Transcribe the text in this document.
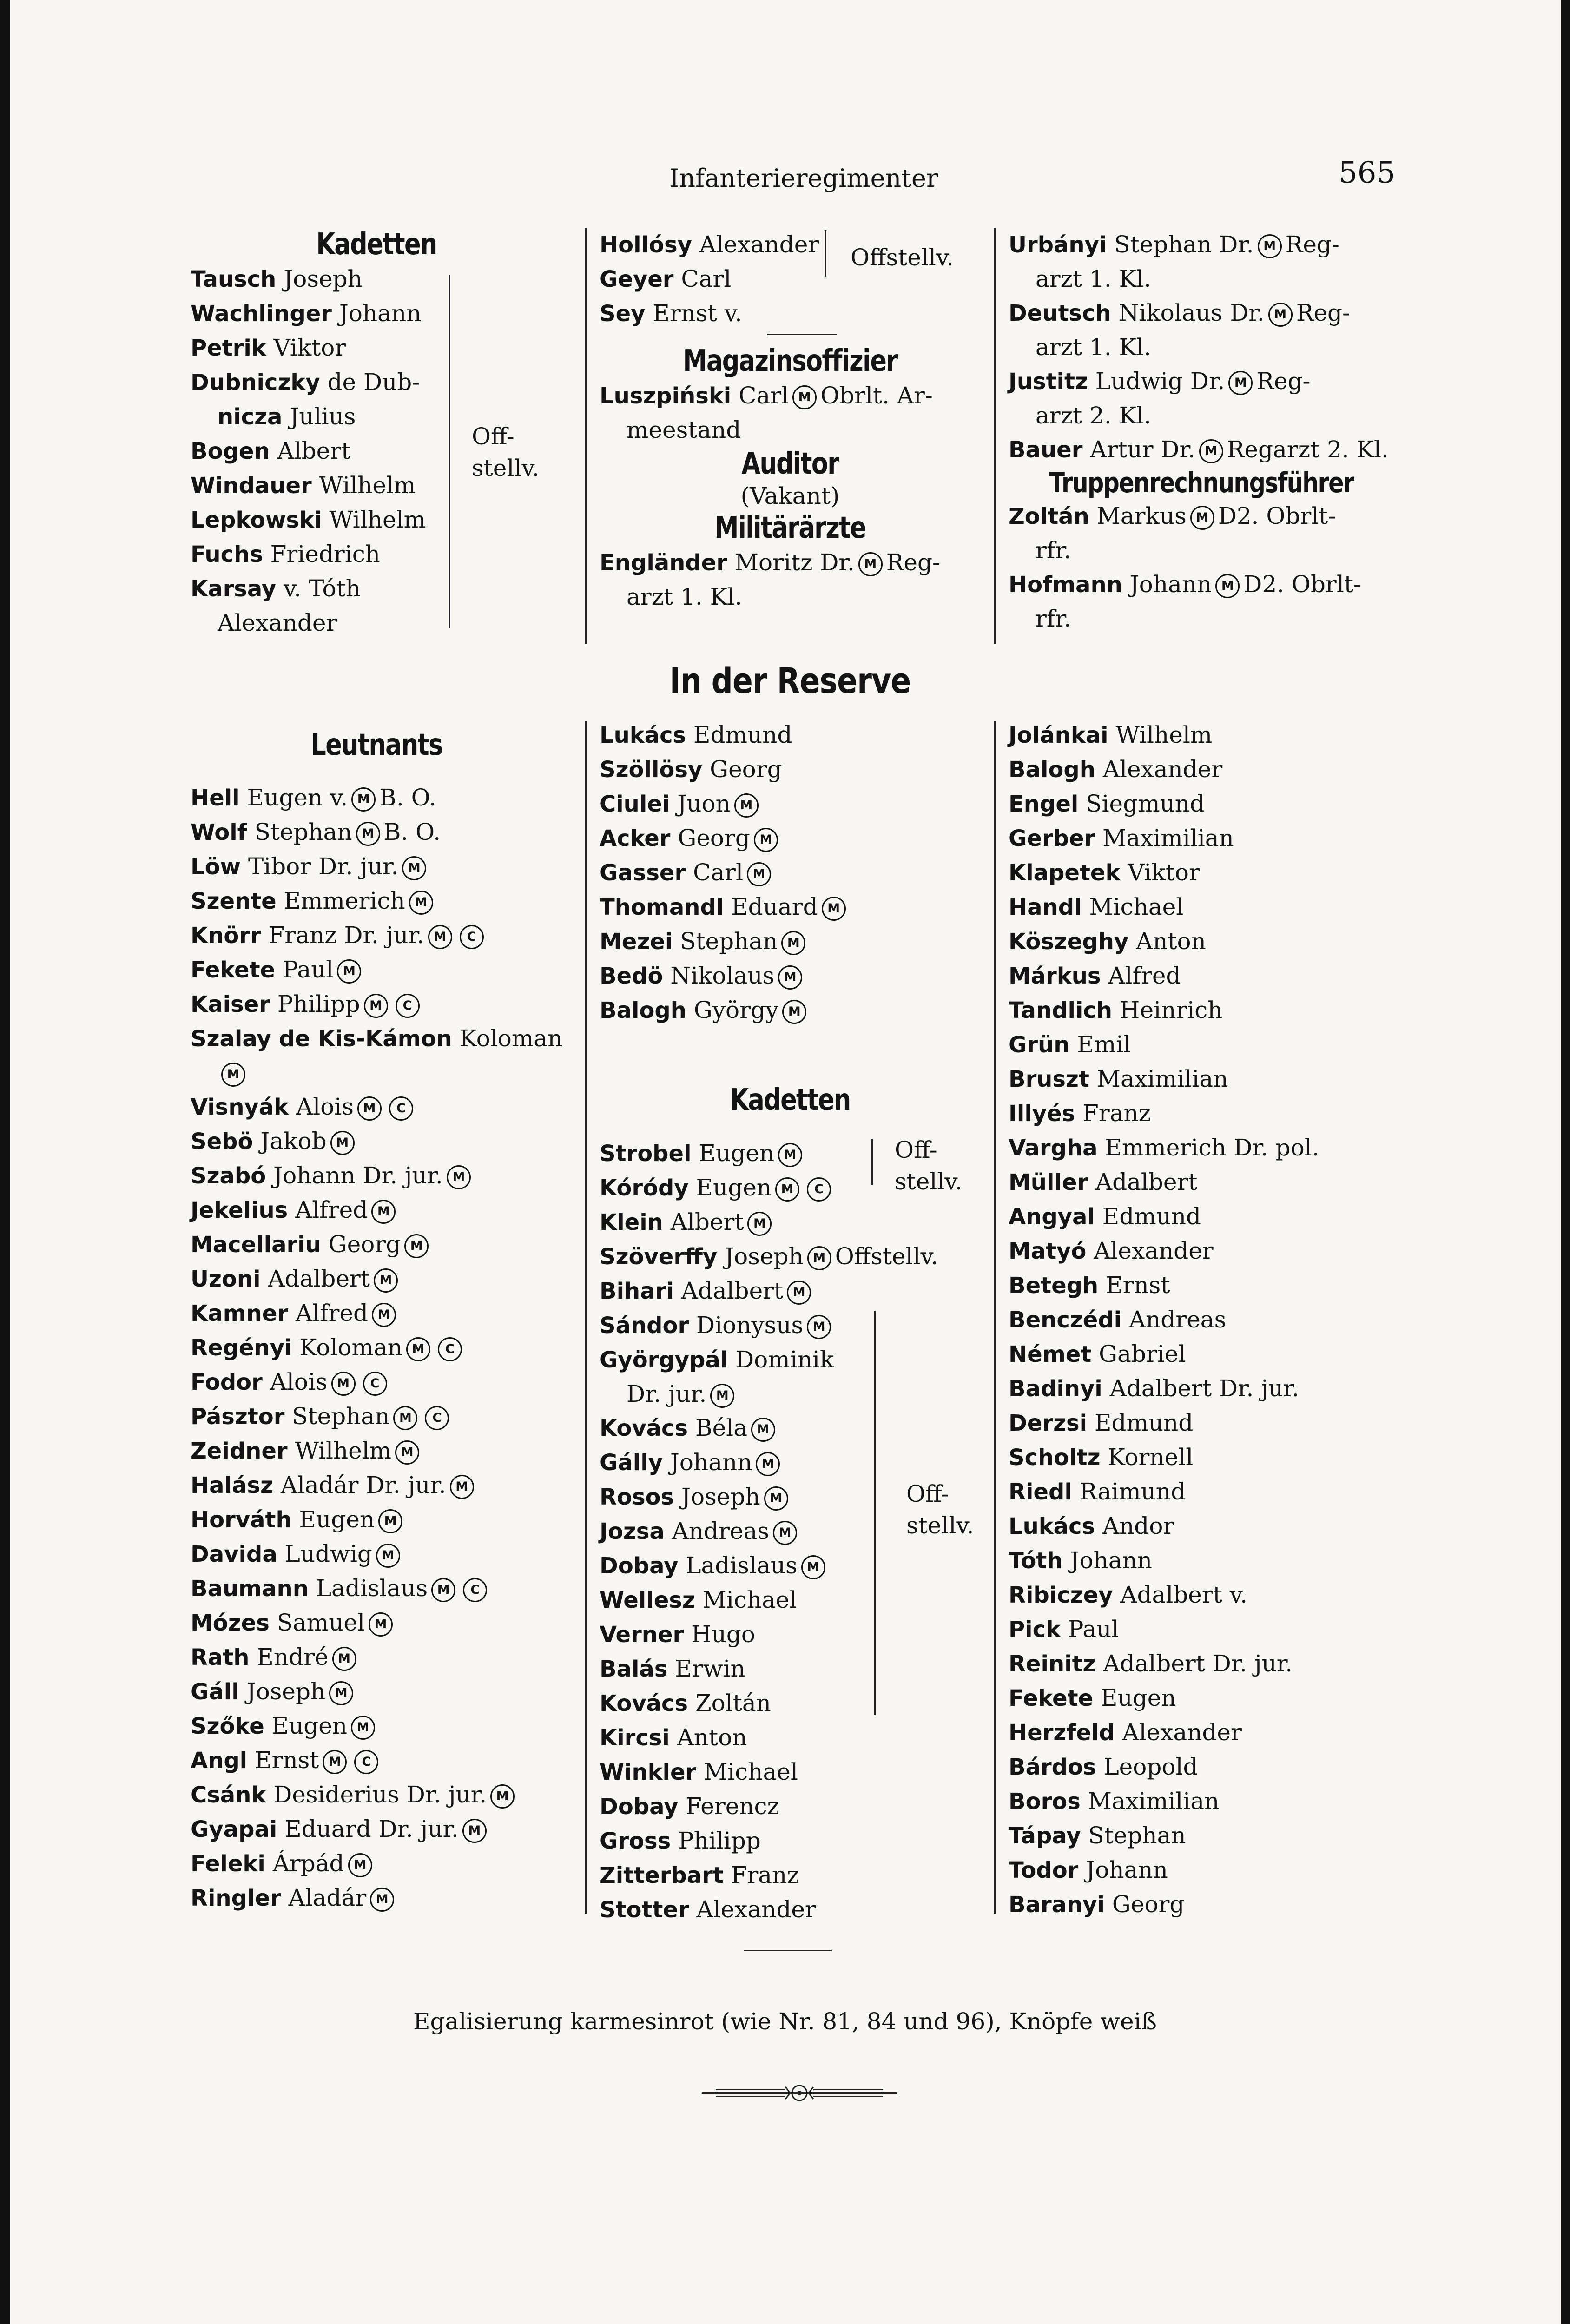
Infanterieregimenter	565
Kadetten
Tausch Joseph
Wachlinger Johann
Petrik Viktor
Dubniczky de Dub-
nicza Julius
Bogen Albert
Windauer Wilhelm
Lepkowski Wilhelm
Fuchs Friedrich
Karsay v. Tóth
Alexander
Leutnants
Hell Eugen v. M B. O.
Wolf Stephan M B. O.
Löw Tibor Dr. jur. M
Szente Emmerich M
Knörr Franz Dr. jur. M C
Fekete Paul M
Kaiser Philipp M C
Szalay de Kis-Kámon Koloman
M
Visnyák Alois M C
Sebö Jakob M
Szabó Johann Dr. jur. M
Jekelius Alfred M
Macellariu Georg M
Uzoni Adalbert M
Kamner Alfred M
Regényi Koloman M C
Fodor Alois M C
Pásztor Stephan M C
Zeidner Wilhelm M
Halász Aladár Dr. jur. M
Horváth Eugen M
Davida Ludwig M
Baumann Ladislaus M C
Mózes Samuel M
Rath Endré M
Gáll Joseph M
Szőke Eugen M
Angl Ernst M C
Csánk Desiderius Dr. jur. M
Gyapai Eduard Dr. jur. M
Feleki Árpád M
Ringler Aladár M
Off-
stellv.
Hollósy Alexander
Geyer Carl
Sey Ernst v.
Magazinsoffizier
Luszpiński Carl M Obrlt. Ar-
meestand
Auditor
(Vakant)
Militärärzte
Engländer Moritz Dr. M Reg-
arzt 1. Kl.
Offstellv.
In der Reserve
Lukács Edmund
Szöllösy Georg
Ciulei Juon M
Acker Georg M
Gasser Carl M
Thomandl Eduard M
Mezei Stephan M
Bedö Nikolaus M
Balogh György M
Kadetten
Strobel Eugen M
Kóródy Eugen M C
Klein Albert M
Szöverffy Joseph M Offstellv.
Bihari Adalbert M
Sándor Dionysus M
Györgypál Dominik
Dr. jur. M
Kovács Béla M
Gálly Johann M
Rosos Joseph M
Jozsa Andreas M
Dobay Ladislaus M
Wellesz Michael
Verner Hugo
Balás Erwin
Kovács Zoltán
Kircsi Anton
Winkler Michael
Dobay Ferencz
Gross Philipp
Zitterbart Franz
Stotter Alexander
Off-
stellv.
Off-
stellv.
Urbányi Stephan Dr. M Reg-
arzt 1. Kl.
Deutsch Nikolaus Dr. M Reg-
arzt 1. Kl.
Justitz Ludwig Dr. M Reg-
arzt 2. Kl.
Bauer Artur Dr. M Regarzt 2. Kl.
Truppenrechnungsführer
Zoltán Markus M D2. Obrlt-
rfr.
Hofmann Johann M D2. Obrlt-
rfr.
Jolánkai Wilhelm
Balogh Alexander
Engel Siegmund
Gerber Maximilian
Klapetek Viktor
Handl Michael
Köszeghy Anton
Márkus Alfred
Tandlich Heinrich
Grün Emil
Bruszt Maximilian
Illyés Franz
Vargha Emmerich Dr. pol.
Müller Adalbert
Angyal Edmund
Matyó Alexander
Betegh Ernst
Benczédi Andreas
Német Gabriel
Badinyi Adalbert Dr. jur.
Derzsi Edmund
Scholtz Kornell
Riedl Raimund
Lukács Andor
Tóth Johann
Ribiczey Adalbert v.
Pick Paul
Reinitz Adalbert Dr. jur.
Fekete Eugen
Herzfeld Alexander
Bárdos Leopold
Boros Maximilian
Tápay Stephan
Todor Johann
Baranyi Georg
Egalisierung karmesinrot (wie Nr. 81, 84 und 96), Knöpfe weiß
